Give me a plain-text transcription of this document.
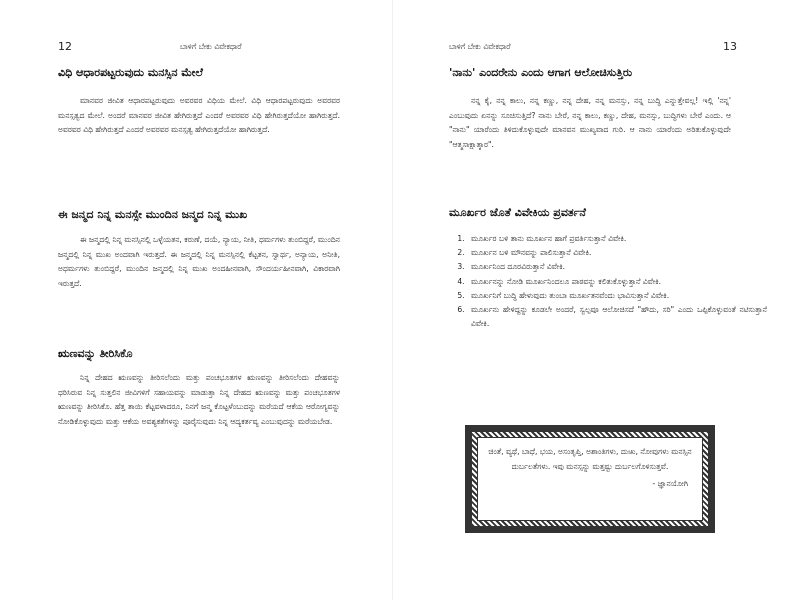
12	ಬಾಳಿಗೆ ಬೇಕು ವಿವೇಕಧಾರೆ
ವಿಧಿ ಆಧಾರಪಟ್ಟರುವುದು ಮನಸ್ಸಿನ ಮೇಲೆ

ಮಾನವರ ಜೀವಿತ ಆಧಾರಪಟ್ಟರುವುದು ಅವರವರ ವಿಧಿಯ ಮೇಲೆ. ವಿಧಿ ಆಧಾರಪಟ್ಟರುವುದು ಅವರವರ ಮನಸ್ಸತ್ವದ ಮೇಲೆ. ಅಂದರೆ ಮಾನವರ ಜೀವಿತ ಹೇಗಿರುತ್ತದೆ ಎಂದರೆ ಅವರವರ ವಿಧಿ ಹೇಗಿರುತ್ತದೆಯೋ ಹಾಗಿರುತ್ತದೆ. ಅವರವರ ವಿಧಿ ಹೇಗಿರುತ್ತದೆ ಎಂದರೆ ಅವರವರ ಮನಸ್ಸತ್ವ ಹೇಗಿರುತ್ತದೆಯೋ ಹಾಗಿರುತ್ತದೆ.

ಈ ಜನ್ಮದ ನಿನ್ನ ಮನಸ್ಸೇ ಮುಂದಿನ ಜನ್ಮದ ನಿನ್ನ ಮುಖ

ಈ ಜನ್ಮದಲ್ಲಿ ನಿನ್ನ ಮನಸ್ಸಿನಲ್ಲಿ ಒಳ್ಳೆಯತನ, ಕರುಣೆ, ದಯೆ, ನ್ಯಾಯ, ನೀತಿ, ಧರ್ಮಗಳು ತುಂಬಿದ್ದರೆ, ಮುಂದಿನ ಜನ್ಮದಲ್ಲಿ ನಿನ್ನ ಮುಖ ಅಂದವಾಗಿ ಇರುತ್ತದೆ. ಈ ಜನ್ಮದಲ್ಲಿ ನಿನ್ನ ಮನಸ್ಸಿನಲ್ಲಿ ಕೆಟ್ಟತನ, ಸ್ವಾರ್ಥ, ಅನ್ಯಾಯ, ಅನೀತಿ, ಅಧರ್ಮಗಳು ತುಂಬಿದ್ದರೆ, ಮುಂದಿನ ಜನ್ಮದಲ್ಲಿ ನಿನ್ನ ಮುಖ ಅಂದಹೀನವಾಗಿ, ಸೌಂದರ್ಯಹೀನವಾಗಿ, ವಿಕಾರವಾಗಿ ಇರುತ್ತದೆ.

ಋಣವನ್ನು ತೀರಿಸಿಕೊ

ನಿನ್ನ ದೇಹದ ಋಣವನ್ನು ತೀರಿಸಲೆಂದು ಮತ್ತು ಪಂಚಭೂತಗಳ ಋಣವನ್ನು ತೀರಿಸಲೆಂದು ದೇಹವನ್ನು ಧರಿಸಿರುವ ನಿನ್ನ ಸುತ್ತಲಿನ ಜೀವಿಗಳಿಗೆ ಸಹಾಯವನ್ನು ಮಾಡುತ್ತಾ ನಿನ್ನ ದೇಹದ ಋಣವನ್ನು ಮತ್ತು ಪಂಚಭೂತಗಳ ಋಣವನ್ನು ತೀರಿಸಿಕೊ. ಹೆತ್ತ ತಾಯಿ ಕೆಟ್ಟವಳಾದರೂ, ನಿನಗೆ ಜನ್ಮ ಕೊಟ್ಟಳೆಂಬುದನ್ನು ಮರೆಯದೆ ಆಕೆಯ ಆರೋಗ್ಯವನ್ನು ನೋಡಿಕೊಳ್ಳುವುದು ಮತ್ತು ಆಕೆಯ ಅವಶ್ಯಕತೆಗಳನ್ನು ಪೂರೈಸುವುದು ನಿನ್ನ ಆದ್ಯಕರ್ತವ್ಯ ಎಂಬುವುದನ್ನು ಮರೆಯಬೇಡ.

ಬಾಳಿಗೆ ಬೇಕು ವಿವೇಕಧಾರೆ	13
'ನಾನು' ಎಂದರೇನು ಎಂದು ಆಗಾಗ ಆಲೋಚಿಸುತ್ತಿರು

ನನ್ನ ಕೈ, ನನ್ನ ಕಾಲು, ನನ್ನ ಕಣ್ಣು, ನನ್ನ ದೇಹ, ನನ್ನ ಮನಸ್ಸು, ನನ್ನ ಬುದ್ಧಿ ಎನ್ನುತ್ತೇವಲ್ಲ! ಇಲ್ಲಿ 'ನನ್ನ' ಎಂಬುವುದು ಏನನ್ನು ಸೂಚಿಸುತ್ತಿದೆ? ನಾನು ಬೇರೆ, ನನ್ನ ಕಾಲು, ಕಣ್ಣು, ದೇಹ, ಮನಸ್ಸು, ಬುದ್ಧಿಗಳು ಬೇರೆ ಎಂದು. ಆ "ನಾನು" ಯಾರೆಂದು ತಿಳಿದುಕೊಳ್ಳುವುದೇ ಮಾನವನ ಮುಖ್ಯವಾದ ಗುರಿ. ಆ ನಾನು ಯಾರೆಂದು ಅರಿತುಕೊಳ್ಳುವುದೇ "ಆತ್ಮಸಾಕ್ಷಾತ್ಕಾರ".

ಮೂರ್ಖರ ಜೊತೆ ವಿವೇಕಿಯ ಪ್ರವರ್ತನೆ
1. ಮೂರ್ಖರ ಬಳಿ ತಾನು ಮೂರ್ಖನ ಹಾಗೆ ಪ್ರವರ್ತಿಸುತ್ತಾನೆ ವಿವೇಕಿ.
2. ಮೂರ್ಖನ ಬಳಿ ಮೌನವನ್ನು ಪಾಲಿಸುತ್ತಾನೆ ವಿವೇಕಿ.
3. ಮೂರ್ಖನಿಂದ ದೂರವಿರುತ್ತಾನೆ ವಿವೇಕಿ.
4. ಮೂರ್ಖನನ್ನು ನೋಡಿ ಮೂರ್ಖನಿಂದಲೂ ಪಾಠವನ್ನು ಕಲಿತುಕೊಳ್ಳುತ್ತಾನೆ ವಿವೇಕಿ.
5. ಮೂರ್ಖನಿಗೆ ಬುದ್ಧಿ ಹೇಳುವುದು ತುಂಬಾ ಮೂರ್ಖತನವೆಂದು ಭಾವಿಸುತ್ತಾನೆ ವಿವೇಕಿ.
6. ಮೂರ್ಖನು ಹೇಳಿದ್ದನ್ನು ಕೂಡಲೇ ಅಂದರೆ, ಸ್ವಲ್ಪವೂ ಆಲೋಚಿಸದೆ "ಹೌದು, ಸರಿ" ಎಂದು ಒಪ್ಪಿಕೊಳ್ಳುವಂತೆ ನಟಿಸುತ್ತಾನೆ ವಿವೇಕಿ.
ಚಿಂತೆ, ವ್ಯಥೆ, ಬಾಧೆ, ಭಯ, ಅಸಂತೃಪ್ತಿ, ಅಶಾಂತಿಗಳು, ದುಃಖ, ನೋವುಗಳು ಮನಸ್ಸಿನ ದುರ್ಬಲತೆಗಳು. ಇವು ಮನಸ್ಸನ್ನು ಮತ್ತಷ್ಟು ದುರ್ಬಲಗೊಳಿಸುತ್ತವೆ.
- ಜ್ಞಾನಯೋಗಿ
